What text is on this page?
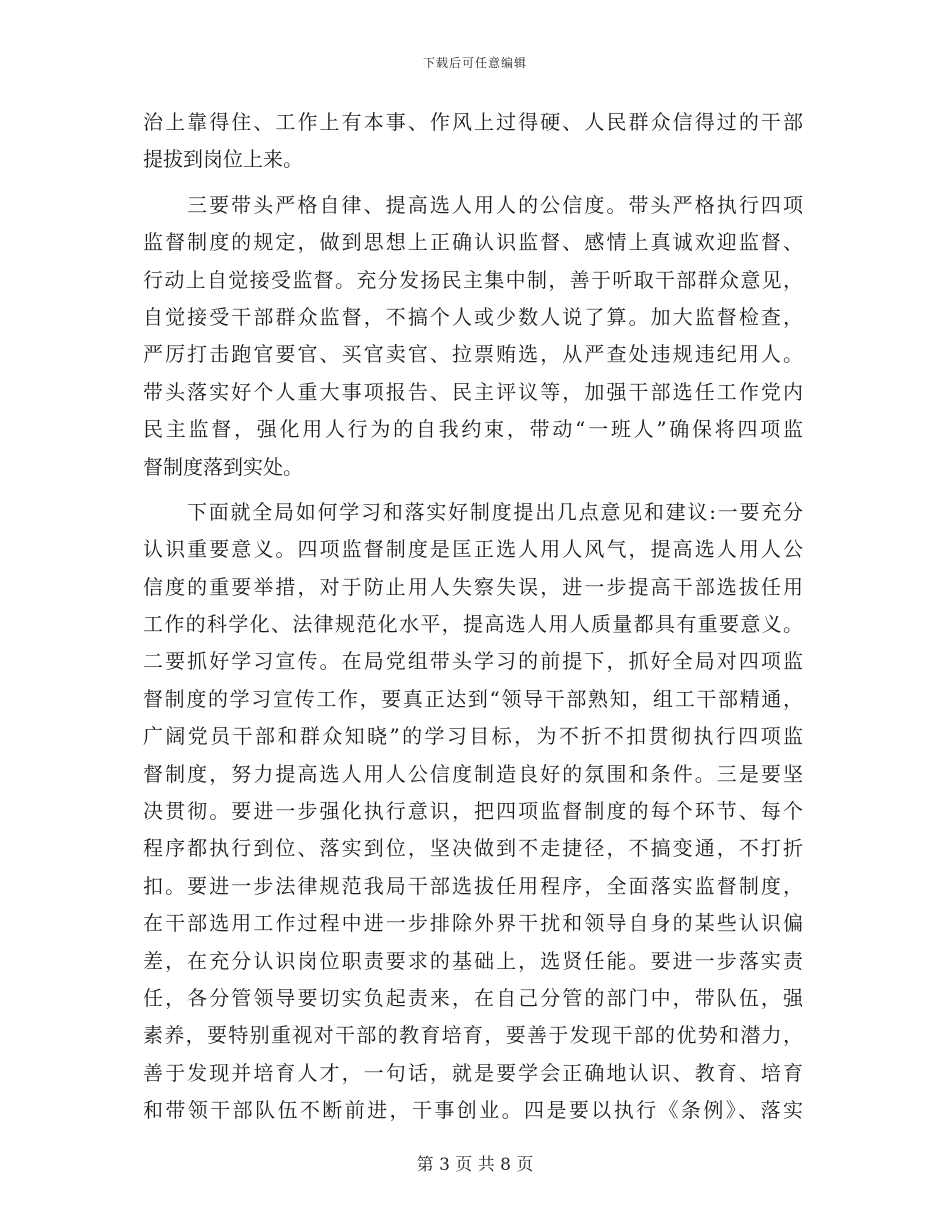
下载后可任意编辑
治上靠得住、工作上有本事、作风上过得硬、人民群众信得过的干部
提拔到岗位上来。
三要带头严格自律、提高选人用人的公信度。带头严格执行四项
监督制度的规定，做到思想上正确认识监督、感情上真诚欢迎监督、
行动上自觉接受监督。充分发扬民主集中制，善于听取干部群众意见，
自觉接受干部群众监督，不搞个人或少数人说了算。加大监督检查，
严厉打击跑官要官、买官卖官、拉票贿选，从严查处违规违纪用人。
带头落实好个人重大事项报告、民主评议等，加强干部选任工作党内
民主监督，强化用人行为的自我约束，带动“一班人”确保将四项监
督制度落到实处。
下面就全局如何学习和落实好制度提出几点意见和建议:一要充分
认识重要意义。四项监督制度是匡正选人用人风气，提高选人用人公
信度的重要举措，对于防止用人失察失误，进一步提高干部选拔任用
工作的科学化、法律规范化水平，提高选人用人质量都具有重要意义。
二要抓好学习宣传。在局党组带头学习的前提下，抓好全局对四项监
督制度的学习宣传工作，要真正达到“领导干部熟知，组工干部精通，
广阔党员干部和群众知晓”的学习目标，为不折不扣贯彻执行四项监
督制度，努力提高选人用人公信度制造良好的氛围和条件。三是要坚
决贯彻。要进一步强化执行意识，把四项监督制度的每个环节、每个
程序都执行到位、落实到位，坚决做到不走捷径，不搞变通，不打折
扣。要进一步法律规范我局干部选拔任用程序，全面落实监督制度，
在干部选用工作过程中进一步排除外界干扰和领导自身的某些认识偏
差，在充分认识岗位职责要求的基础上，选贤任能。要进一步落实责
任，各分管领导要切实负起责来，在自己分管的部门中，带队伍，强
素养，要特别重视对干部的教育培育，要善于发现干部的优势和潜力，
善于发现并培育人才，一句话，就是要学会正确地认识、教育、培育
和带领干部队伍不断前进，干事创业。四是要以执行《条例》、落实
第 3 页 共 8 页
